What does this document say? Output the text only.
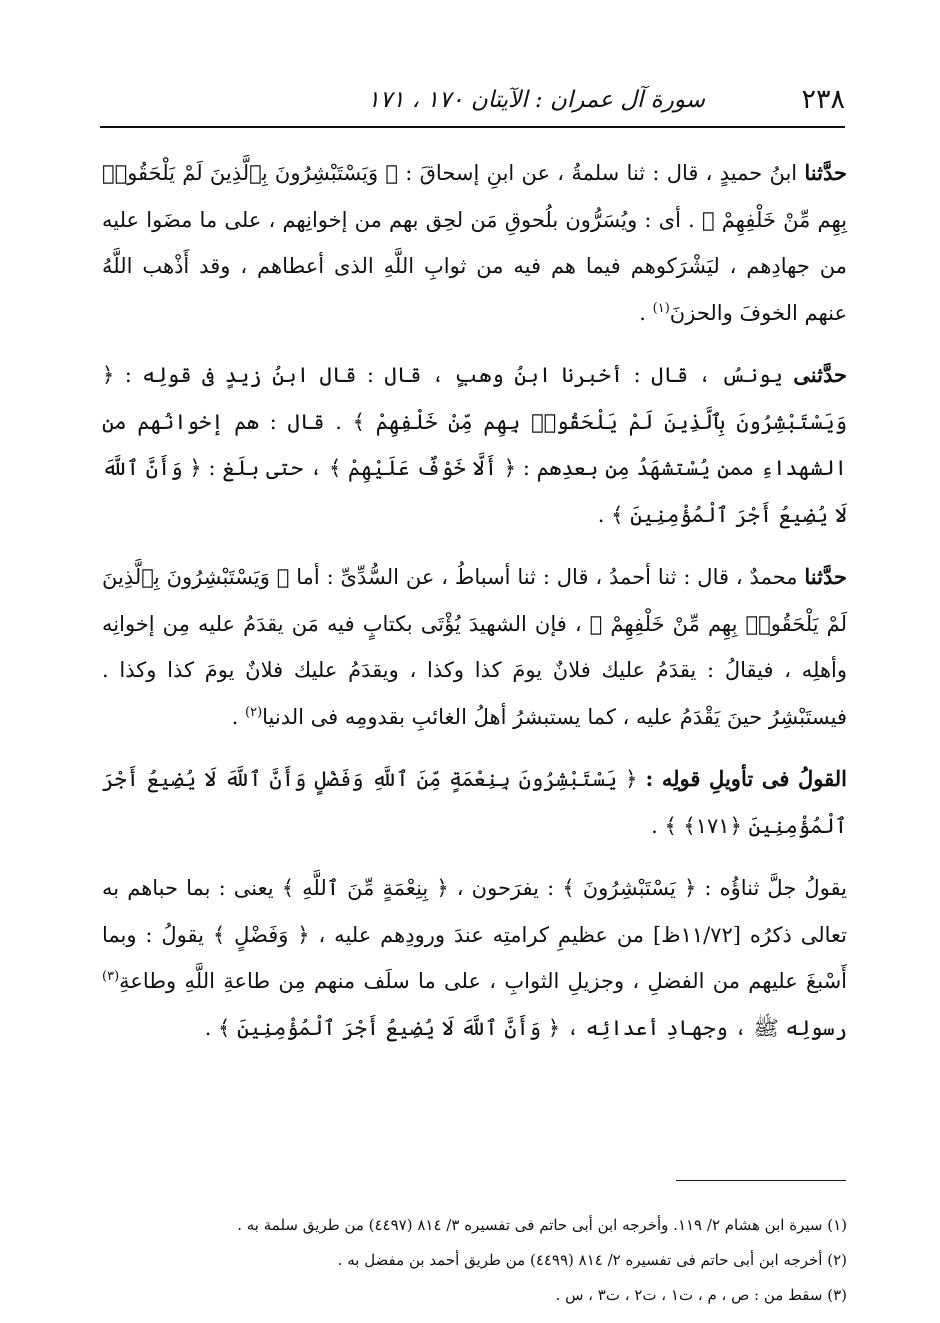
٢٣٨
سورة آل عمران : الآيتان ١٧٠ ، ١٧١

حدَّثنا ابنُ حميدٍ ، قال : ثنا سلمةُ ، عن ابنِ إسحاقَ : ﴿ وَيَسْتَبْشِرُونَ بِٱلَّذِينَ لَمْ يَلْحَقُوا۟ بِهِم مِّنْ خَلْفِهِمْ ﴾ . أى : ويُسَرُّون بلُحوقِ مَن لحِق بهم من إخوانِهم ، على ما مضَوا عليه من جهادِهم ، ليَشْرَكوهم فيما هم فيه من ثوابِ اللَّهِ الذى أعطاهم ، وقد أَذْهب اللَّهُ عنهم الخوفَ والحزنَ$^{(١)}$ .

حدَّثنى يونسُ ، قال : أخبرنا ابنُ وهبٍ ، قال : قال ابنُ زيدٍ فى قولِه : ﴿ وَيَسْتَبْشِرُونَ بِٱلَّذِينَ لَمْ يَلْحَقُوا۟ بِهِم مِّنْ خَلْفِهِمْ ﴾ . قال : هم إخوانُهم من الشهداءِ ممن يُسْتشهَدُ مِن بعدِهم : ﴿ أَلَّا خَوْفٌ عَلَيْهِمْ ﴾ ، حتى بلَغ : ﴿ وَأَنَّ ٱللَّهَ لَا يُضِيعُ أَجْرَ ٱلْمُؤْمِنِينَ ﴾ .

حدَّثنا محمدٌ ، قال : ثنا أحمدُ ، قال : ثنا أسباطُ ، عن السُّدِّىِّ : أما ﴿ وَيَسْتَبْشِرُونَ بِٱلَّذِينَ لَمْ يَلْحَقُوا۟ بِهِم مِّنْ خَلْفِهِمْ ﴾ ، فإن الشهيدَ يُؤْتَى بكتابٍ فيه مَن يقدَمُ عليه مِن إخوانِه وأهلِه ، فيقالُ : يقدَمُ عليك فلانٌ يومَ كذا وكذا ، ويقدَمُ عليك فلانٌ يومَ كذا وكذا . فيستَبْشِرُ حينَ يَقْدَمُ عليه ، كما يستبشرُ أهلُ الغائبِ بقدومِه فى الدنيا$^{(٢)}$ .

القولُ فى تأويلِ قولِه : ﴿ يَسْتَبْشِرُونَ بِنِعْمَةٍ مِّنَ ٱللَّهِ وَفَضْلٍ وَأَنَّ ٱللَّهَ لَا يُضِيعُ أَجْرَ ٱلْمُؤْمِنِينَ ﴿١٧١﴾ ﴾ .

يقولُ جلَّ ثناؤُه : ﴿ يَسْتَبْشِرُونَ ﴾ : يفرَحون ، ﴿ بِنِعْمَةٍ مِّنَ ٱللَّهِ ﴾ يعنى : بما حباهم به تعالى ذكرُه [١١/٧٢ظ] من عظيمِ كرامتِه عندَ ورودِهم عليه ، ﴿ وَفَضْلٍ ﴾ يقولُ : وبما أَسْبغَ عليهم من الفضلِ ، وجزيلِ الثوابِ ، على ما سلَف منهم مِن طاعةِ اللَّهِ وطاعةِ$^{(٣)}$ رسولِه ﷺ ، وجهادِ أعدائِه ، ﴿ وَأَنَّ ٱللَّهَ لَا يُضِيعُ أَجْرَ ٱلْمُؤْمِنِينَ ﴾ .

(١) سيرة ابن هشام ٢/ ١١٩. وأخرجه ابن أبى حاتم فى تفسيره ٣/ ٨١٤ (٤٤٩٧) من طريق سلمة به .
(٢) أخرجه ابن أبى حاتم فى تفسيره ٢/ ٨١٤ (٤٤٩٩) من طريق أحمد بن مفضل به .
(٣) سقط من : ص ، م ، ت١ ، ت٢ ، ت٣ ، س .
